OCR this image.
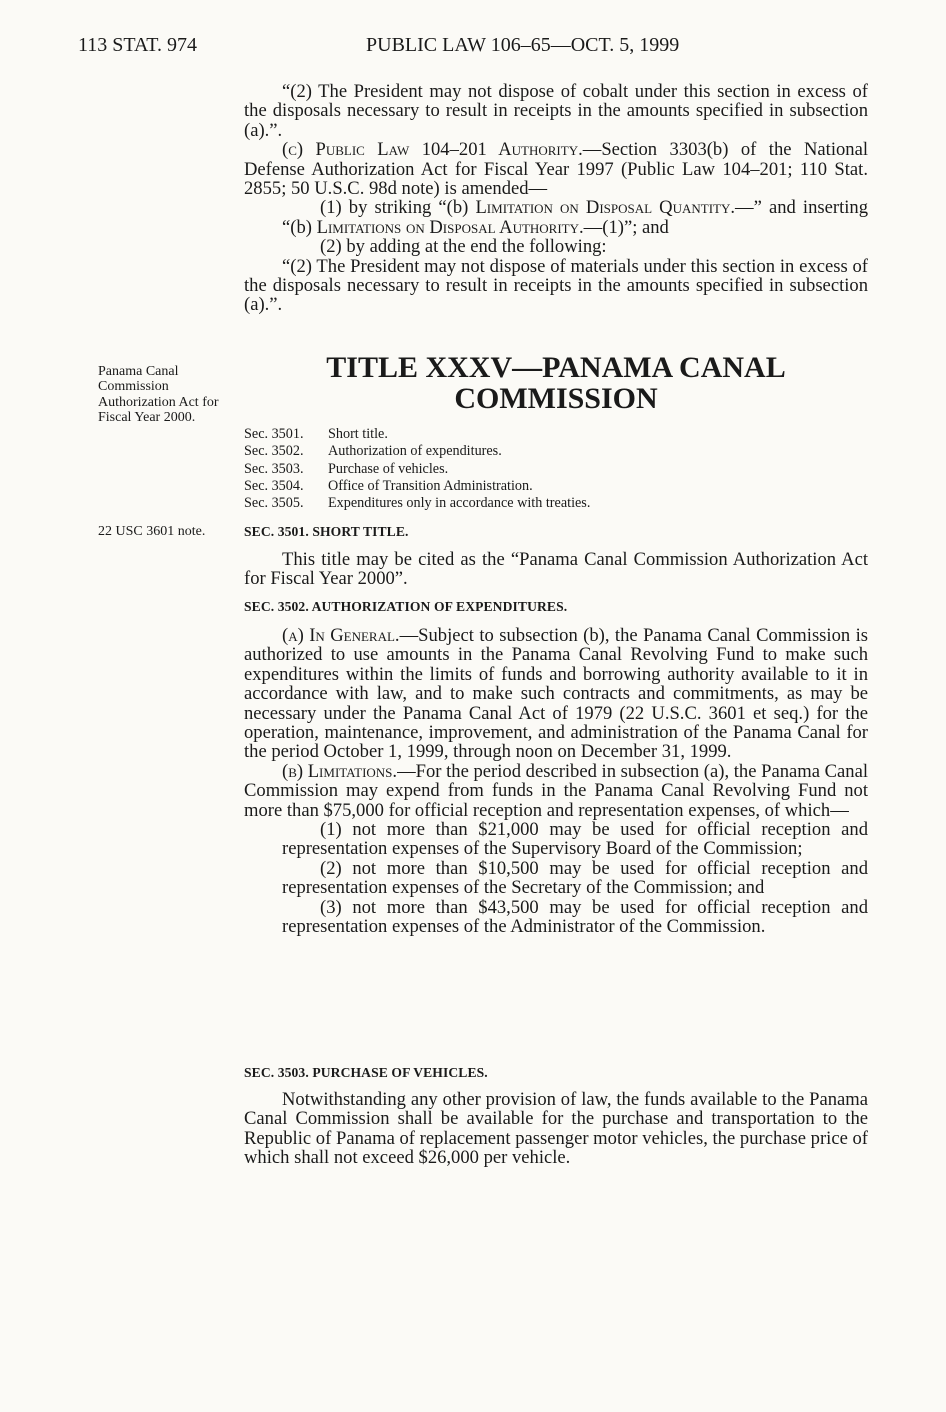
113 STAT. 974	PUBLIC LAW 106–65—OCT. 5, 1999

“(2) The President may not dispose of cobalt under this section in excess of the disposals necessary to result in receipts in the amounts specified in subsection (a).”.

(c) Public Law 104–201 Authority.—Section 3303(b) of the National Defense Authorization Act for Fiscal Year 1997 (Public Law 104–201; 110 Stat. 2855; 50 U.S.C. 98d note) is amended—

(1) by striking “(b) Limitation on Disposal Quantity.—” and inserting “(b) Limitations on Disposal Authority.—(1)”; and

(2) by adding at the end the following:

“(2) The President may not dispose of materials under this section in excess of the disposals necessary to result in receipts in the amounts specified in subsection (a).”.

Panama Canal Commission Authorization Act for Fiscal Year 2000.
TITLE XXXV—PANAMA CANAL
COMMISSION
Sec. 3501. Short title.
Sec. 3502. Authorization of expenditures.
Sec. 3503. Purchase of vehicles.
Sec. 3504. Office of Transition Administration.
Sec. 3505. Expenditures only in accordance with treaties.
22 USC 3601 note.	SEC. 3501. SHORT TITLE.

This title may be cited as the “Panama Canal Commission Authorization Act for Fiscal Year 2000”.

SEC. 3502. AUTHORIZATION OF EXPENDITURES.

(a) In General.—Subject to subsection (b), the Panama Canal Commission is authorized to use amounts in the Panama Canal Revolving Fund to make such expenditures within the limits of funds and borrowing authority available to it in accordance with law, and to make such contracts and commitments, as may be necessary under the Panama Canal Act of 1979 (22 U.S.C. 3601 et seq.) for the operation, maintenance, improvement, and administration of the Panama Canal for the period October 1, 1999, through noon on December 31, 1999.

(b) Limitations.—For the period described in subsection (a), the Panama Canal Commission may expend from funds in the Panama Canal Revolving Fund not more than $75,000 for official reception and representation expenses, of which—

(1) not more than $21,000 may be used for official reception and representation expenses of the Supervisory Board of the Commission;

(2) not more than $10,500 may be used for official reception and representation expenses of the Secretary of the Commission; and

(3) not more than $43,500 may be used for official reception and representation expenses of the Administrator of the Commission.

SEC. 3503. PURCHASE OF VEHICLES.

Notwithstanding any other provision of law, the funds available to the Panama Canal Commission shall be available for the purchase and transportation to the Republic of Panama of replacement passenger motor vehicles, the purchase price of which shall not exceed $26,000 per vehicle.
